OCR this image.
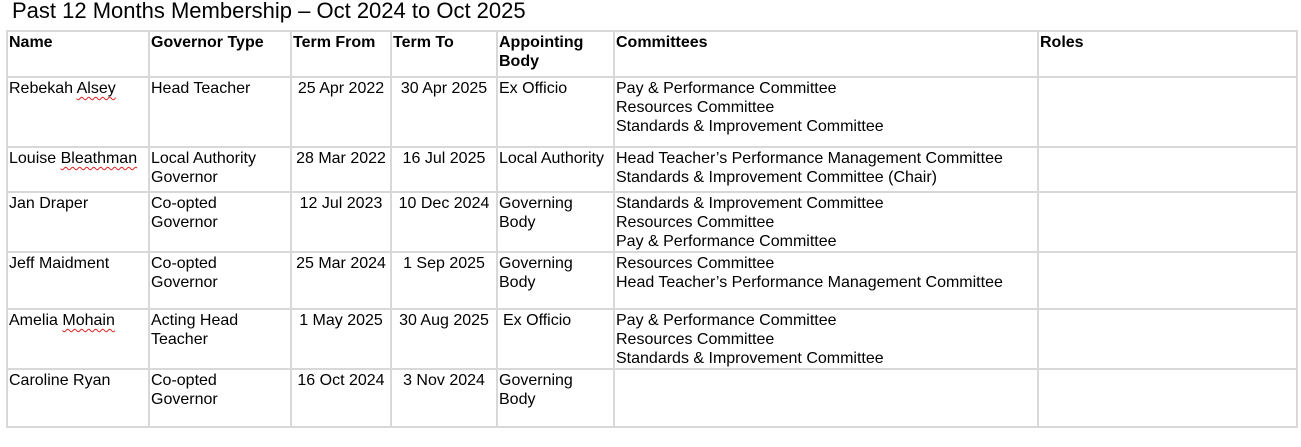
Past 12 Months Membership – Oct 2024 to Oct 2025
Name	Governor Type	Term From	Term To	Appointing
Body	Committees	Roles
Rebekah Alsey	Head Teacher	25 Apr 2022	30 Apr 2025	Ex Officio	Pay & Performance Committee
Resources Committee
Standards & Improvement Committee	

Louise Bleathman	Local Authority
Governor	28 Mar 2022	16 Jul 2025	Local Authority	Head Teacher’s Performance Management Committee
Standards & Improvement Committee (Chair)	

Jan Draper	Co-opted
Governor	12 Jul 2023	10 Dec 2024	Governing
Body	Standards & Improvement Committee
Resources Committee
Pay & Performance Committee	

Jeff Maidment	Co-opted
Governor	25 Mar 2024	1 Sep 2025	Governing
Body	Resources Committee
Head Teacher’s Performance Management Committee	

Amelia Mohain	Acting Head
Teacher	1 May 2025	30 Aug 2025	Ex Officio	Pay & Performance Committee
Resources Committee
Standards & Improvement Committee	

Caroline Ryan	Co-opted
Governor	16 Oct 2024	3 Nov 2024	Governing
Body		
